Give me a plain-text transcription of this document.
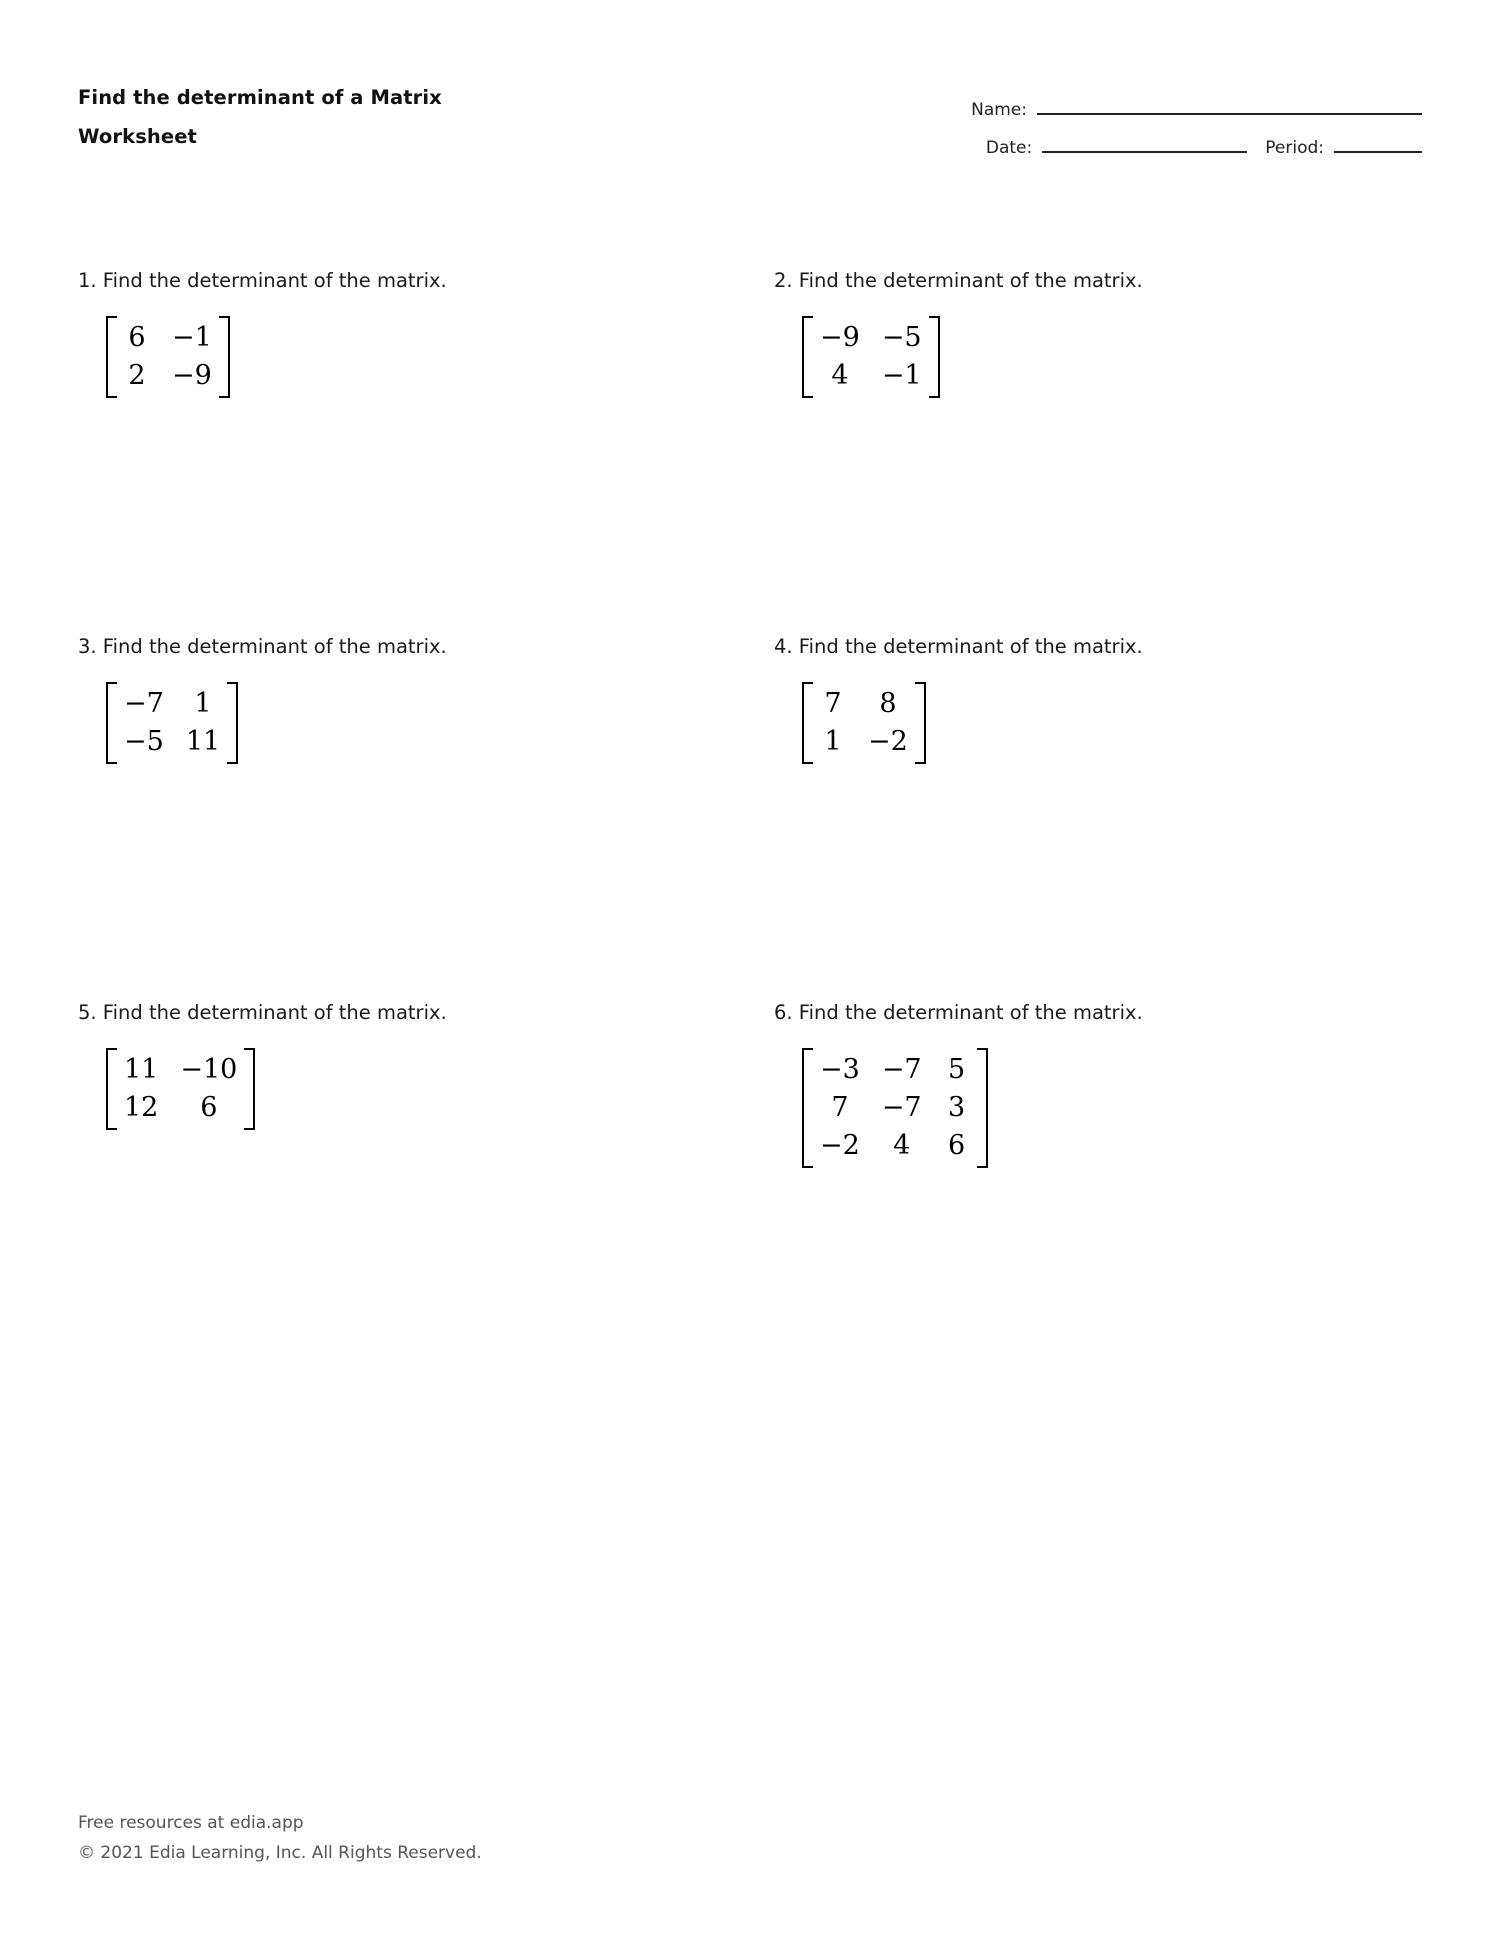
Find the determinant of a Matrix
Worksheet
Name:
Date:	Period:
1. Find the determinant of the matrix.
6 −1
2 −9
2. Find the determinant of the matrix.
−9 −5
4	−1
3. Find the determinant of the matrix.
−7	1
−5 11
4. Find the determinant of the matrix.
7	8
1 −2
5. Find the determinant of the matrix.
11 −10
12	6
6. Find the determinant of the matrix.
−3 −7 5
7	−7 3
−2	4	6
Free resources at edia.app
© 2021 Edia Learning, Inc. All Rights Reserved.
